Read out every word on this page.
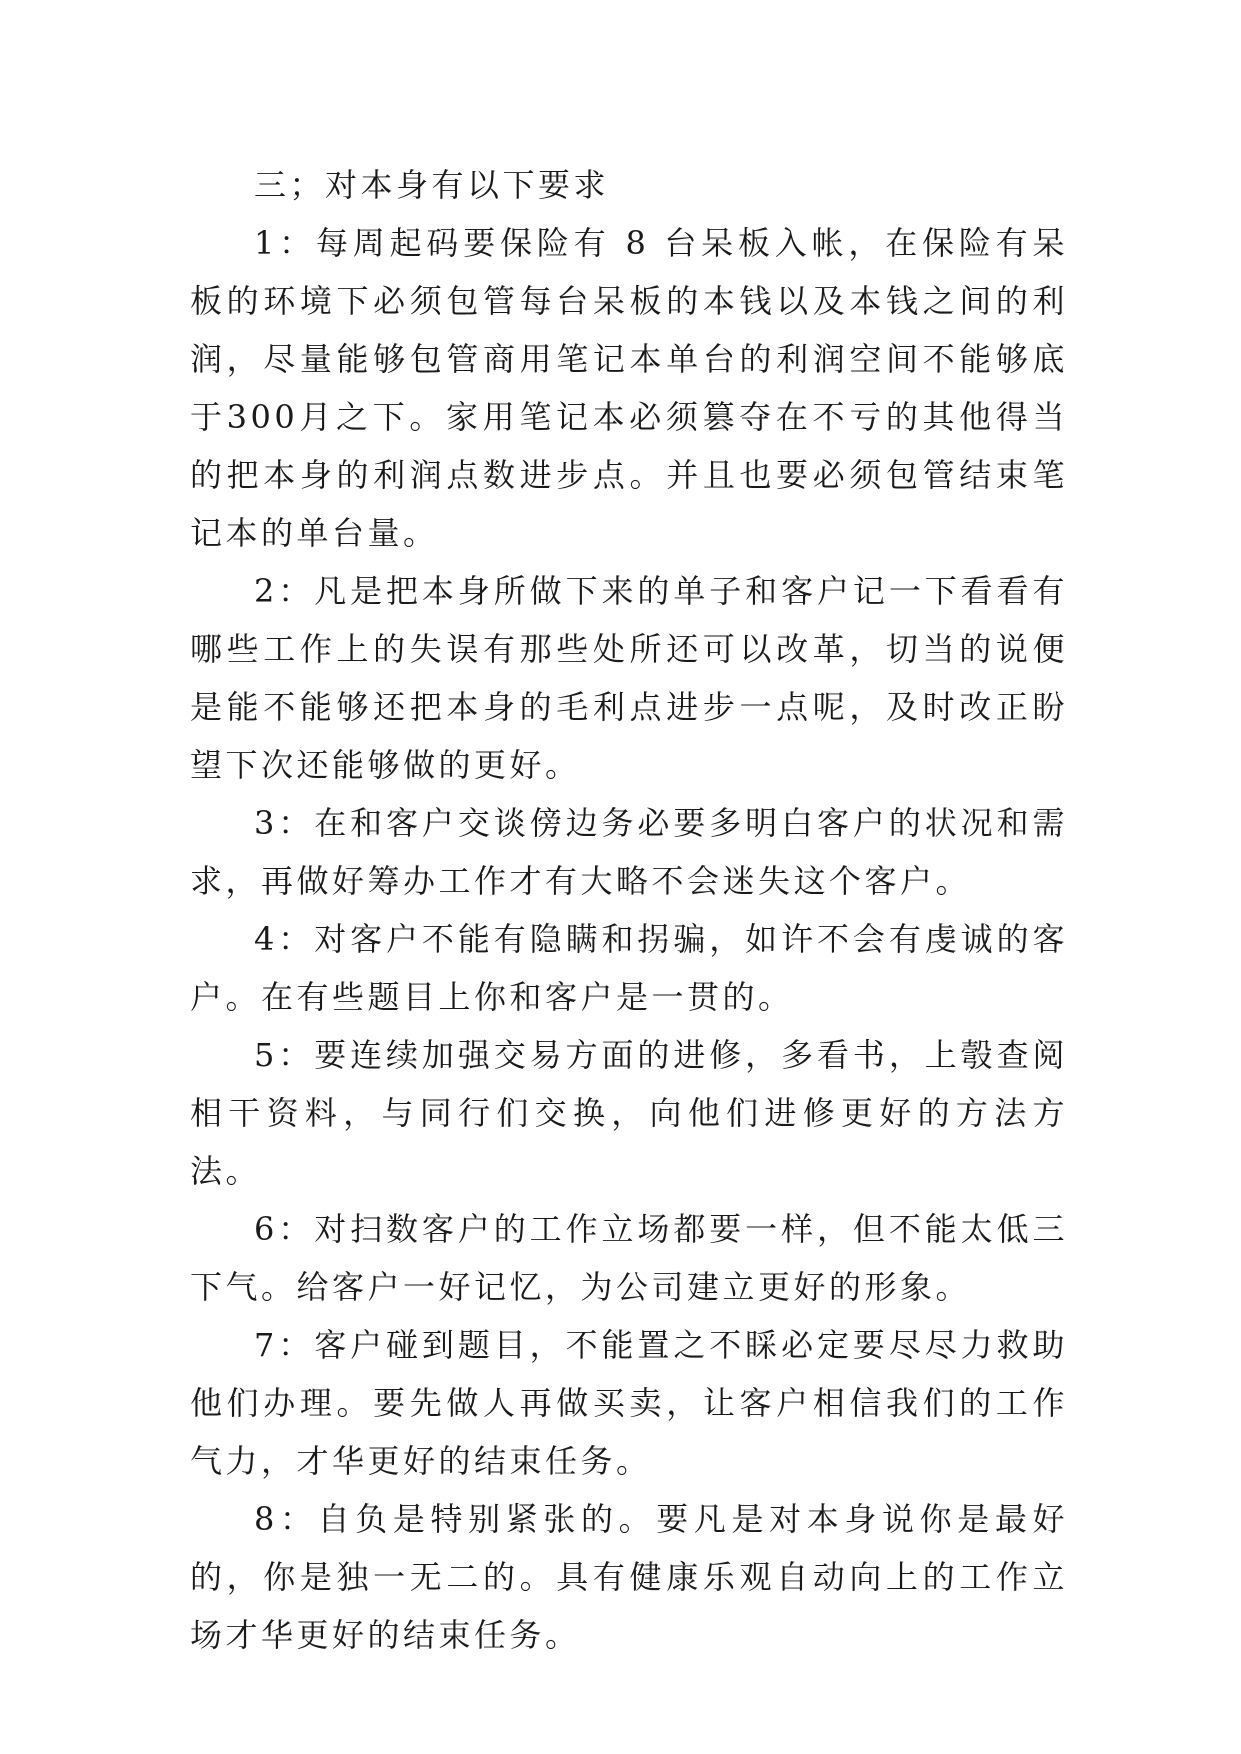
三；对本身有以下要求

1：每周起码要保险有 8 台呆板入帐，在保险有呆板的环境下必须包管每台呆板的本钱以及本钱之间的利润，尽量能够包管商用笔记本单台的利润空间不能够底于300月之下。家用笔记本必须篡夺在不亏的其他得当的把本身的利润点数进步点。并且也要必须包管结束笔记本的单台量。

2：凡是把本身所做下来的单子和客户记一下看看有哪些工作上的失误有那些处所还可以改革，切当的说便是能不能够还把本身的毛利点进步一点呢，及时改正盼望下次还能够做的更好。

3：在和客户交谈傍边务必要多明白客户的状况和需求，再做好筹办工作才有大略不会迷失这个客户。

4：对客户不能有隐瞒和拐骗，如许不会有虔诚的客户。在有些题目上你和客户是一贯的。

5：要连续加强交易方面的进修，多看书，上彀查阅相干资料，与同行们交换，向他们进修更好的方法方法。

6：对扫数客户的工作立场都要一样，但不能太低三下气。给客户一好记忆，为公司建立更好的形象。

7：客户碰到题目，不能置之不睬必定要尽尽力救助他们办理。要先做人再做买卖，让客户相信我们的工作气力，才华更好的结束任务。

8：自负是特别紧张的。要凡是对本身说你是最好的，你是独一无二的。具有健康乐观自动向上的工作立场才华更好的结束任务。
